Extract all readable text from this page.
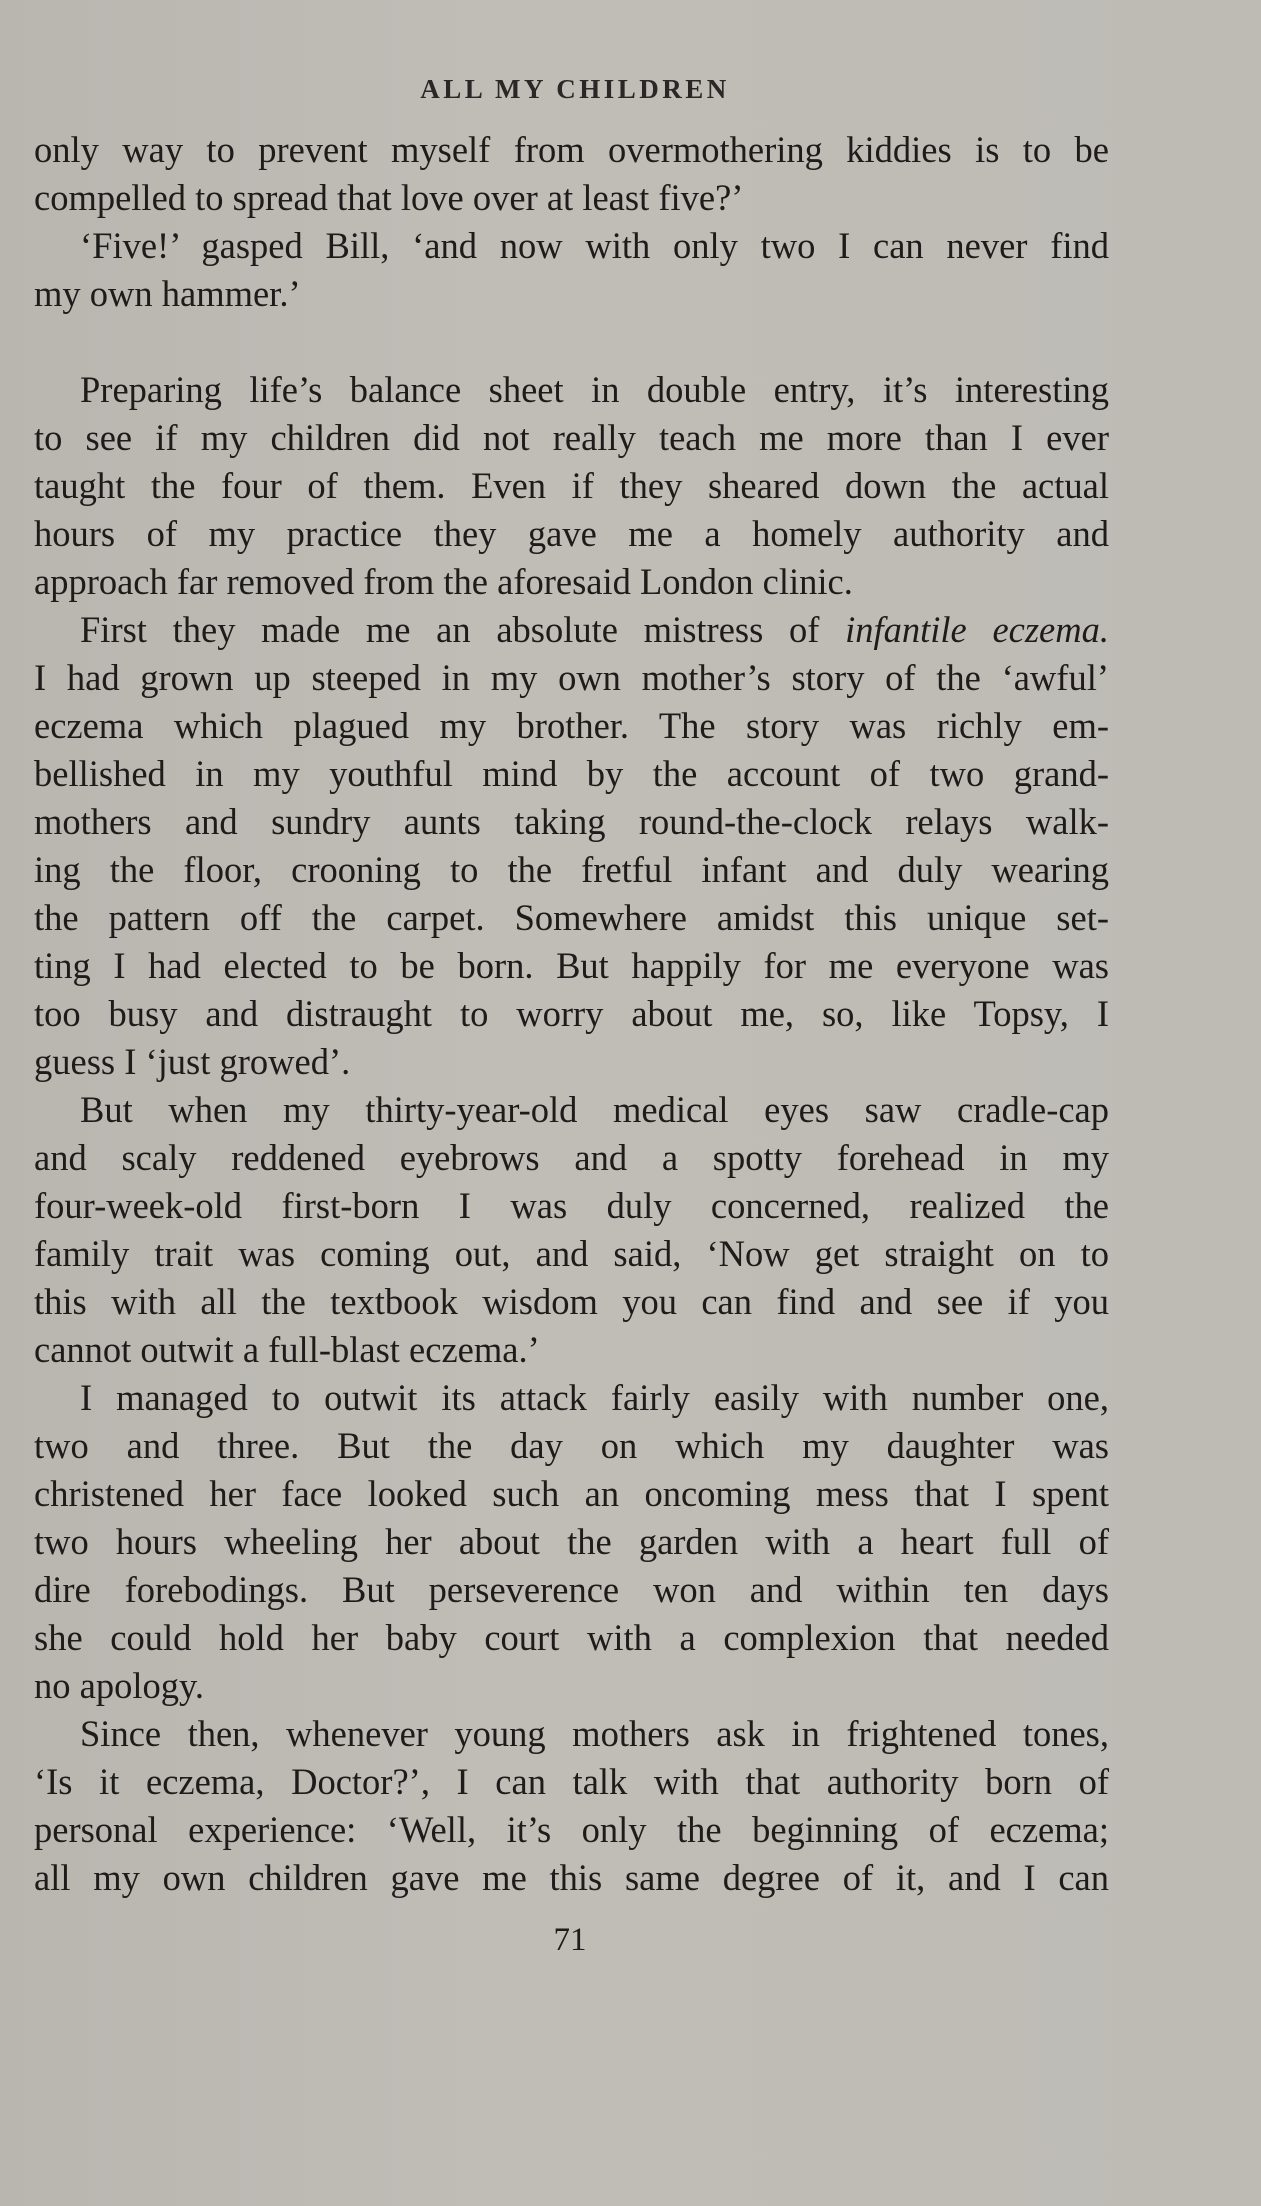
ALL MY CHILDREN
only way to prevent myself from overmothering kiddies is to be
compelled to spread that love over at least five?’
‘Five!’ gasped Bill, ‘and now with only two I can never find
my own hammer.’
Preparing life’s balance sheet in double entry, it’s interesting
to see if my children did not really teach me more than I ever
taught the four of them. Even if they sheared down the actual
hours of my practice they gave me a homely authority and
approach far removed from the aforesaid London clinic.
First they made me an absolute mistress of infantile eczema.
I had grown up steeped in my own mother’s story of the ‘awful’
eczema which plagued my brother. The story was richly em-
bellished in my youthful mind by the account of two grand-
mothers and sundry aunts taking round-the-clock relays walk-
ing the floor, crooning to the fretful infant and duly wearing
the pattern off the carpet. Somewhere amidst this unique set-
ting I had elected to be born. But happily for me everyone was
too busy and distraught to worry about me, so, like Topsy, I
guess I ‘just growed’.
But when my thirty-year-old medical eyes saw cradle-cap
and scaly reddened eyebrows and a spotty forehead in my
four-week-old first-born I was duly concerned, realized the
family trait was coming out, and said, ‘Now get straight on to
this with all the textbook wisdom you can find and see if you
cannot outwit a full-blast eczema.’
I managed to outwit its attack fairly easily with number one,
two and three. But the day on which my daughter was
christened her face looked such an oncoming mess that I spent
two hours wheeling her about the garden with a heart full of
dire forebodings. But perseverence won and within ten days
she could hold her baby court with a complexion that needed
no apology.
Since then, whenever young mothers ask in frightened tones,
‘Is it eczema, Doctor?’, I can talk with that authority born of
personal experience: ‘Well, it’s only the beginning of eczema;
all my own children gave me this same degree of it, and I can
71
